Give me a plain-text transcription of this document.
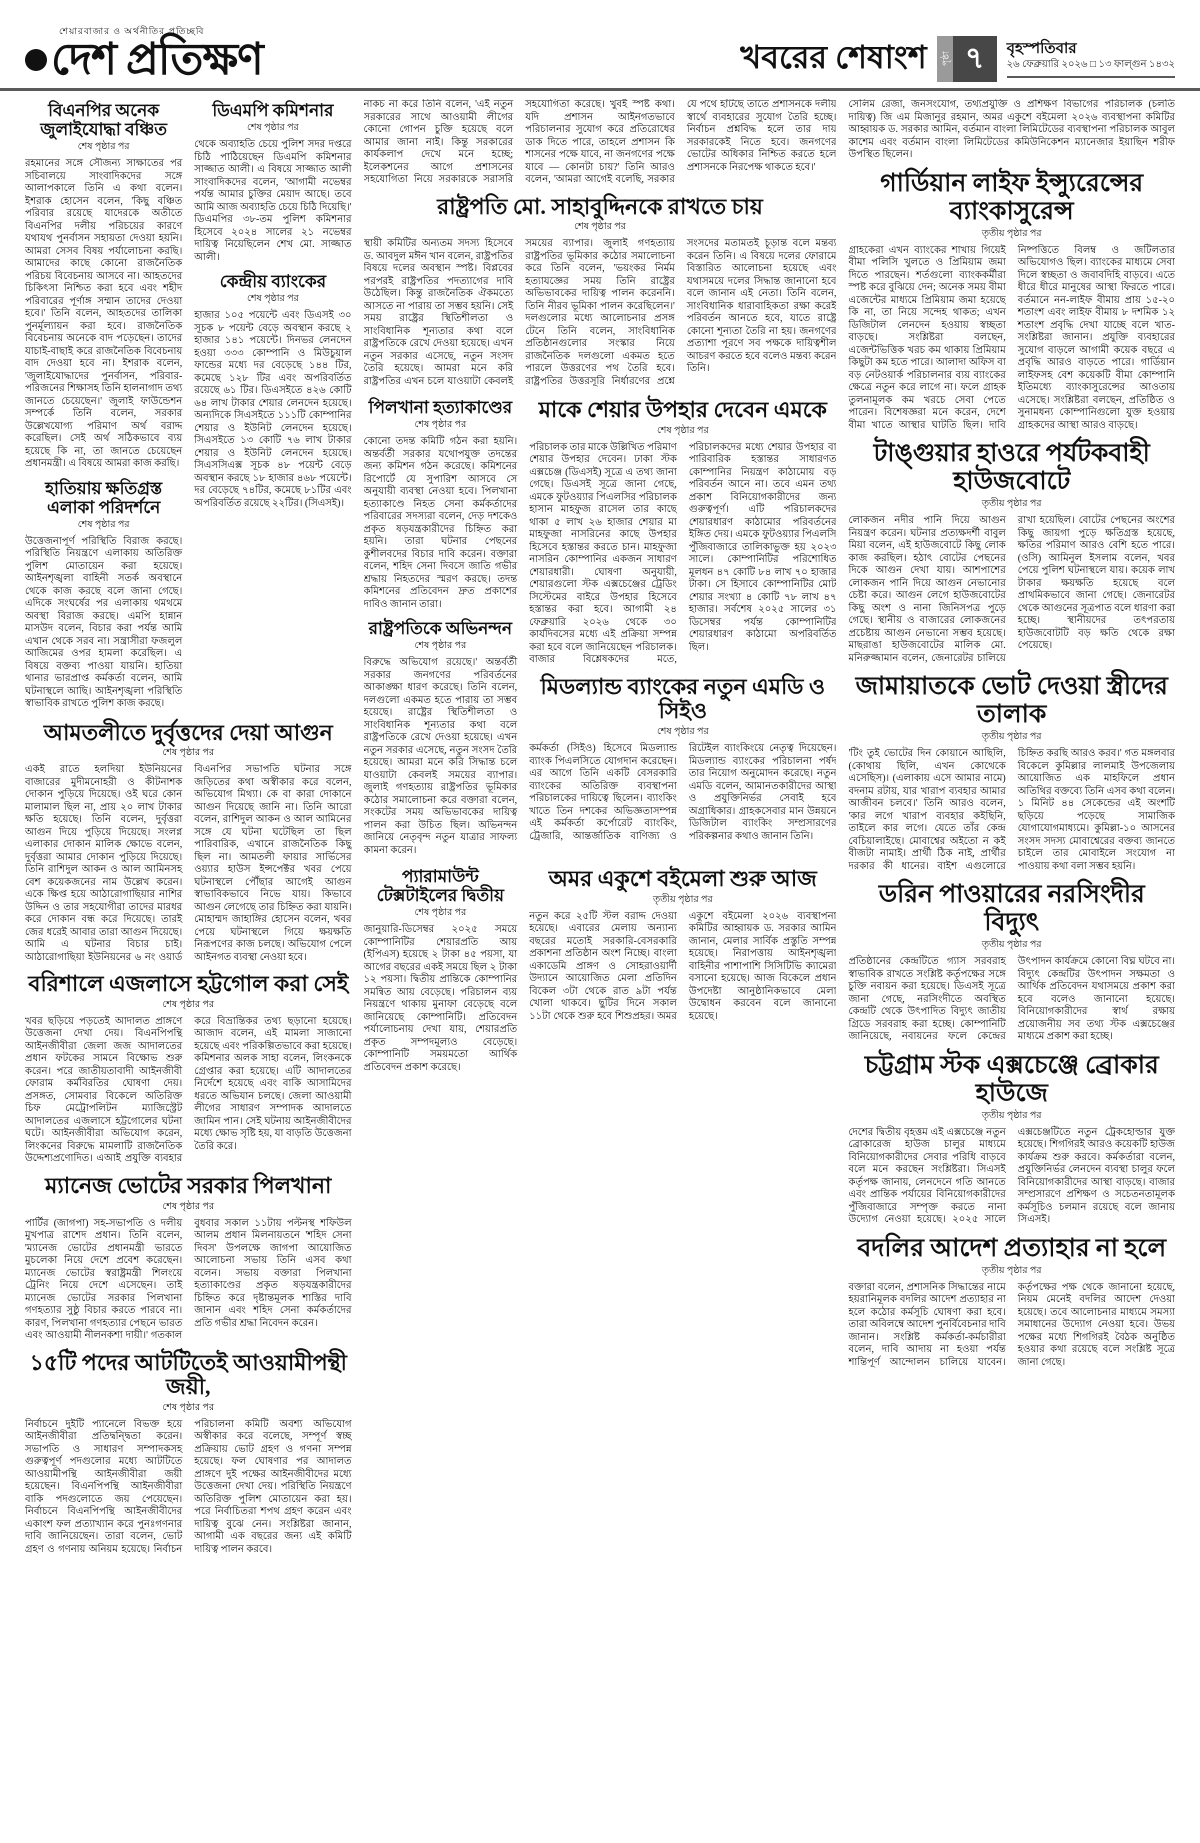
শেয়ারবাজার ও অর্থনীতির প্রতিচ্ছবি
দেশ প্রতিক্ষণ	খবরের শেষাংশ	পৃষ্ঠা ৭	বৃহস্পতিবার
২৬ ফেব্রুয়ারি ২০২৬ □ ১৩ ফাল্গুন ১৪৩২
বিএনপির অনেক জুলাইযোদ্ধা বঞ্চিত
শেষ পৃষ্ঠার পর

রহমানের সঙ্গে সৌজন্য সাক্ষাতের পর সচিবালয়ে সাংবাদিকদের সঙ্গে আলাপকালে তিনি এ কথা বলেন। ইশরাক হোসেন বলেন, 'কিছু বঞ্চিত পরিবার রয়েছে যাদেরকে অতীতে বিএনপির দলীয় পরিচয়ের কারণে যথাযথ পুনর্বাসন সহায়তা দেওয়া হয়নি। আমরা সেসব বিষয় পর্যালোচনা করছি। আমাদের কাছে কোনো রাজনৈতিক পরিচয় বিবেচনায় আসবে না। আহতদের চিকিৎসা নিশ্চিত করা হবে এবং শহীদ পরিবারের পূর্ণাঙ্গ সম্মান তাদের দেওয়া হবে।' তিনি বলেন, আহতদের তালিকা পুনর্মূল্যায়ন করা হবে। রাজনৈতিক বিবেচনায় অনেকে বাদ পড়েছেন। তাদের যাচাই-বাছাই করে রাজনৈতিক বিবেচনায় বাদ দেওয়া হবে না। ইশরাক বলেন, 'জুলাইযোদ্ধাদের পুনর্বাসন, পরিবার-পরিজনের শিক্ষাসহ তিনি হালনাগাদ তথ্য জানতে চেয়েছেন।' জুলাই ফাউন্ডেশন সম্পর্কে তিনি বলেন, সরকার উল্লেখযোগ্য পরিমাণ অর্থ বরাদ্দ করেছিল। সেই অর্থ সঠিকভাবে ব্যয় হয়েছে কি না, তা জানতে চেয়েছেন প্রধানমন্ত্রী। এ বিষয়ে আমরা কাজ করছি।

হাতিয়ায় ক্ষতিগ্রস্ত এলাকা পরিদর্শনে
শেষ পৃষ্ঠার পর

উত্তেজনাপূর্ণ পরিস্থিতি বিরাজ করছে। পরিস্থিতি নিয়ন্ত্রণে এলাকায় অতিরিক্ত পুলিশ মোতায়েন করা হয়েছে। আইনশৃঙ্খলা বাহিনী সতর্ক অবস্থানে থেকে কাজ করছে বলে জানা গেছে। এদিকে সংঘর্ষের পর এলাকায় থমথমে অবস্থা বিরাজ করছে। এমপি হান্নান মাসউদ বলেন, বিচার করা পর্যন্ত আমি এখান থেকে সরব না। সন্ত্রাসীরা ফজলুল আজিমের ওপর হামলা করেছিল। এ বিষয়ে বক্তব্য পাওয়া যায়নি। হাতিয়া থানার ভারপ্রাপ্ত কর্মকর্তা বলেন, আমি ঘটনাস্থলে আছি। আইনশৃঙ্খলা পরিস্থিতি স্বাভাবিক রাখতে পুলিশ কাজ করছে।

ডিএমপি কমিশনার
শেষ পৃষ্ঠার পর

থেকে অব্যাহতি চেয়ে পুলিশ সদর দপ্তরে চিঠি পাঠিয়েছেন ডিএমপি কমিশনার সাজ্জাত আলী। এ বিষয়ে সাজ্জাত আলী সাংবাদিকদের বলেন, 'আগামী নভেম্বর পর্যন্ত আমার চুক্তির মেয়াদ আছে। তবে আমি আজ অব্যাহতি চেয়ে চিঠি দিয়েছি।' ডিএমপির ৩৮-তম পুলিশ কমিশনার হিসেবে ২০২৪ সালের ২১ নভেম্বর দায়িত্ব নিয়েছিলেন শেখ মো. সাজ্জাত আলী।

কেন্দ্রীয় ব্যাংকের
শেষ পৃষ্ঠার পর

হাজার ১০৫ পয়েন্টে এবং ডিএসই ৩০ সূচক ৮ পয়েন্ট বেড়ে অবস্থান করছে ২ হাজার ১৪১ পয়েন্টে। দিনভর লেনদেন হওয়া ৩৩৩ কোম্পানি ও মিউচুয়াল ফান্ডের মধ্যে দর বেড়েছে ১৪৪ টির, কমেছে ১২৮ টির এবং অপরিবর্তিত রয়েছে ৬১ টির। ডিএসইতে ৪২৬ কোটি ৬৪ লাখ টাকার শেয়ার লেনদেন হয়েছে। অন্যদিকে সিএসইতে ১১১টি কোম্পানির শেয়ার ও ইউনিট লেনদেন হয়েছে। সিএসইতে ১৩ কোটি ৭৬ লাখ টাকার শেয়ার ও ইউনিট লেনদেন হয়েছে। সিএসসিএক্স সূচক ৪৮ পয়েন্ট বেড়ে অবস্থান করছে ১৮ হাজার ৪৬৮ পয়েন্টে। দর বেড়েছে ৭৪টির, কমেছে ৮১টির এবং অপরিবর্তিত রয়েছে ২২টির। (সিএসই)।

আমতলীতে দুর্বৃত্তদের দেয়া আগুন
শেষ পৃষ্ঠার পর

একই রাতে হলদিয়া ইউনিয়নের বাজারের মুদীমনোহরী ও কীটনাশক দোকান পুড়িয়ে দিয়েছে। ওই ঘরে কোন মালামাল ছিল না, প্রায় ২০ লাখ টাকার ক্ষতি হয়েছে। তিনি বলেন, দুর্বৃত্তরা আগুন দিয়ে পুড়িয়ে দিয়েছে। সংলগ্ন এলাকার দোকান মালিক ক্ষোভে বলেন, দুর্বৃত্তরা আমার দোকান পুড়িয়ে দিয়েছে। তিনি রাশিদুল আকন ও আল আমিনসহ বেশ কয়েকজনের নাম উল্লেখ করেন। একে ক্ষিপ্ত হয়ে আঠারোগাছিয়ার নাশির উদ্দিন ও তার সহযোগীরা তাদের মারধর করে দোকান বন্ধ করে দিয়েছে। তারই জের ধরেই আবার তারা আগুন দিয়েছে। আমি এ ঘটনার বিচার চাই। আঠারোগাছিয়া ইউনিয়নের ৬ নং ওয়ার্ড বিএনপির সভাপতি ঘটনার সঙ্গে জড়িতের কথা অস্বীকার করে বলেন, অভিযোগ মিথ্যা। কে বা কারা দোকানে আগুন দিয়েছে জানি না। তিনি আরো বলেন, রাশিদুল আকন ও আল আমিনের সঙ্গে যে ঘটনা ঘটেছিল তা ছিল পারিবারিক, এখানে রাজনৈতিক কিছু ছিল না। আমতলী ফায়ার সার্ভিসের ওয়্যার হাউস ইন্সপেক্টর খবর পেয়ে ঘটনাস্থলে পৌঁছার আগেই আগুন স্বাভাবিকভাবে নিভে যায়। কিভাবে আগুন লেগেছে তার চিহ্নিত করা যায়নি। মোহাম্মদ জাহাঙ্গির হোসেন বলেন, খবর পেয়ে ঘটনাস্থলে গিয়ে ক্ষয়ক্ষতি নিরূপণের কাজ চলছে। অভিযোগ পেলে আইনগত ব্যবস্থা নেওয়া হবে।

বরিশালে এজলাসে হট্টগোল করা সেই
শেষ পৃষ্ঠার পর

খবর ছড়িয়ে পড়তেই আদালত প্রাঙ্গণে উত্তেজনা দেখা দেয়। বিএনপিপন্থি আইনজীবীরা জেলা জজ আদালতের প্রধান ফটকের সামনে বিক্ষোভ শুরু করেন। পরে জাতীয়তাবাদী আইনজীবী ফোরাম কর্মবিরতির ঘোষণা দেয়। প্রসঙ্গত, সোমবার বিকেলে অতিরিক্ত চিফ মেট্রোপলিটন ম্যাজিস্ট্রেট আদালতের এজলাসে হট্টগোলের ঘটনা ঘটে। আইনজীবীরা অভিযোগ করেন, লিংকনের বিরুদ্ধে মামলাটি রাজনৈতিক উদ্দেশ্যপ্রণোদিত। এআই প্রযুক্তি ব্যবহার করে বিভ্রান্তিকর তথ্য ছড়ানো হয়েছে। আজাদ বলেন, এই মামলা সাজানো হয়েছে এবং পরিকল্পিতভাবে করা হয়েছে। কমিশনার অলক সাহা বলেন, লিংকনকে গ্রেপ্তার করা হয়েছে। এটি আদালতের নির্দেশে হয়েছে এবং বাকি আসামিদের ধরতে অভিযান চলছে। জেলা আওয়ামী লীগের সাধারণ সম্পাদক আদালতে জামিন পান। সেই ঘটনায় আইনজীবীদের মধ্যে ক্ষোভ সৃষ্টি হয়, যা বাড়তি উত্তেজনা তৈরি করে।

ম্যানেজ ভোটের সরকার পিলখানা
শেষ পৃষ্ঠার পর

পার্টির (জাগপা) সহ-সভাপতি ও দলীয় মুখপাত্র রাশেদ প্রধান। তিনি বলেন, 'ম্যানেজ ভোটের প্রধানমন্ত্রী ভারতে মুচলেকা নিয়ে দেশে প্রবেশ করেছেন। ম্যানেজ ভোটের স্বরাষ্ট্রমন্ত্রী শিলংয়ে ট্রেনিং নিয়ে দেশে এসেছেন। তাই ম্যানেজ ভোটের সরকার পিলখানা গণহত্যার সুষ্ঠু বিচার করতে পারবে না। কারণ, পিলখানা গণহত্যার পেছনে ভারত এবং আওয়ামী নীলনকশা দায়ী।' গতকাল বুধবার সকাল ১১টায় পল্টনস্থ শফিউল আলম প্রধান মিলনায়তনে 'শহিদ সেনা দিবস' উপলক্ষে জাগপা আয়োজিত আলোচনা সভায় তিনি এসব কথা বলেন। সভায় বক্তারা পিলখানা হত্যাকাণ্ডের প্রকৃত ষড়যন্ত্রকারীদের চিহ্নিত করে দৃষ্টান্তমূলক শাস্তির দাবি জানান এবং শহিদ সেনা কর্মকর্তাদের প্রতি গভীর শ্রদ্ধা নিবেদন করেন।

১৫টি পদের আটটিতেই আওয়ামীপন্থী জয়ী,
শেষ পৃষ্ঠার পর

নির্বাচনে দুইটি প্যানেলে বিভক্ত হয়ে আইনজীবীরা প্রতিদ্বন্দ্বিতা করেন। সভাপতি ও সাধারণ সম্পাদকসহ গুরুত্বপূর্ণ পদগুলোর মধ্যে আটটিতে আওয়ামীপন্থি আইনজীবীরা জয়ী হয়েছেন। বিএনপিপন্থি আইনজীবীরা বাকি পদগুলোতে জয় পেয়েছেন। নির্বাচনে বিএনপিপন্থি আইনজীবীদের একাংশ ফল প্রত্যাখ্যান করে পুনঃগণনার দাবি জানিয়েছেন। তারা বলেন, ভোট গ্রহণ ও গণনায় অনিয়ম হয়েছে। নির্বাচন পরিচালনা কমিটি অবশ্য অভিযোগ অস্বীকার করে বলেছে, সম্পূর্ণ স্বচ্ছ প্রক্রিয়ায় ভোট গ্রহণ ও গণনা সম্পন্ন হয়েছে। ফল ঘোষণার পর আদালত প্রাঙ্গণে দুই পক্ষের আইনজীবীদের মধ্যে উত্তেজনা দেখা দেয়। পরিস্থিতি নিয়ন্ত্রণে অতিরিক্ত পুলিশ মোতায়েন করা হয়। পরে নির্বাচিতরা শপথ গ্রহণ করেন এবং দায়িত্ব বুঝে নেন। সংশ্লিষ্টরা জানান, আগামী এক বছরের জন্য এই কমিটি দায়িত্ব পালন করবে।

নাকচ না করে তিনি বলেন, 'এই নতুন সরকারের সাথে আওয়ামী লীগের কোনো গোপন চুক্তি হয়েছে বলে আমার জানা নাই। কিন্তু সরকারের কার্যকলাপ দেখে মনে হচ্ছে; ইলেকশনের আগে প্রশাসনের সহযোগিতা নিয়ে সরকারকে সরাসরি সহযোগিতা করেছে। খুবই স্পষ্ট কথা। যদি প্রশাসন আইনগতভাবে পরিচালনার সুযোগ করে প্রতিরোধের ডাক দিতে পারে, তাহলে প্রশাসন কি শাসনের পক্ষে যাবে, না জনগণের পক্ষে যাবে — কোনটা চায়?' তিনি আরও বলেন, 'আমরা আগেই বলেছি, সরকার যে পথে হাঁটছে তাতে প্রশাসনকে দলীয় স্বার্থে ব্যবহারের সুযোগ তৈরি হচ্ছে। নির্বাচন প্রশ্নবিদ্ধ হলে তার দায় সরকারকেই নিতে হবে। জনগণের ভোটের অধিকার নিশ্চিত করতে হলে প্রশাসনকে নিরপেক্ষ থাকতে হবে।'

রাষ্ট্রপতি মো. সাহাবুদ্দিনকে রাখতে চায়
শেষ পৃষ্ঠার পর

স্থায়ী কমিটির অন্যতম সদস্য হিসেবে ড. আবদুল মঈন খান বলেন, রাষ্ট্রপতির বিষয়ে দলের অবস্থান স্পষ্ট। বিপ্লবের পরপরই রাষ্ট্রপতির পদত্যাগের দাবি উঠেছিল। কিন্তু রাজনৈতিক ঐকমত্যে আসতে না পারায় তা সম্ভব হয়নি। সেই সময় রাষ্ট্রের স্থিতিশীলতা ও সাংবিধানিক শূন্যতার কথা বলে রাষ্ট্রপতিকে রেখে দেওয়া হয়েছে। এখন নতুন সরকার এসেছে, নতুন সংসদ তৈরি হয়েছে। আমরা মনে করি রাষ্ট্রপতির এখন চলে যাওয়াটা কেবলই সময়ের ব্যাপার। জুলাই গণহত্যায় রাষ্ট্রপতির ভূমিকার কঠোর সমালোচনা করে তিনি বলেন, 'ভয়ংকর নির্মম হত্যাযজ্ঞের সময় তিনি রাষ্ট্রের অভিভাবকের দায়িত্ব পালন করেননি। তিনি নীরব ভূমিকা পালন করেছিলেন।' দলগুলোর মধ্যে আলোচনার প্রসঙ্গ টেনে তিনি বলেন, সাংবিধানিক প্রতিষ্ঠানগুলোর সংস্কার নিয়ে রাজনৈতিক দলগুলো একমত হতে পারলে উত্তরণের পথ তৈরি হবে। রাষ্ট্রপতির উত্তরসূরি নির্ধারণের প্রশ্নে সংসদের মতামতই চূড়ান্ত বলে মন্তব্য করেন তিনি। এ বিষয়ে দলের ফোরামে বিস্তারিত আলোচনা হয়েছে এবং যথাসময়ে দলের সিদ্ধান্ত জানানো হবে বলে জানান এই নেতা। তিনি বলেন, সাংবিধানিক ধারাবাহিকতা রক্ষা করেই পরিবর্তন আনতে হবে, যাতে রাষ্ট্রে কোনো শূন্যতা তৈরি না হয়। জনগণের প্রত্যাশা পূরণে সব পক্ষকে দায়িত্বশীল আচরণ করতে হবে বলেও মন্তব্য করেন তিনি।

পিলখানা হত্যাকাণ্ডের
শেষ পৃষ্ঠার পর

কোনো তদন্ত কমিটি গঠন করা হয়নি। অন্তর্বর্তী সরকার যথোপযুক্ত তদন্তের জন্য কমিশন গঠন করেছে। কমিশনের রিপোর্টে যে সুপারিশ আসবে সে অনুযায়ী ব্যবস্থা নেওয়া হবে। পিলখানা হত্যাকাণ্ডে নিহত সেনা কর্মকর্তাদের পরিবারের সদস্যরা বলেন, দেড় দশকেও প্রকৃত ষড়যন্ত্রকারীদের চিহ্নিত করা হয়নি। তারা ঘটনার পেছনের কুশীলবদের বিচার দাবি করেন। বক্তারা বলেন, শহিদ সেনা দিবসে জাতি গভীর শ্রদ্ধায় নিহতদের স্মরণ করছে। তদন্ত কমিশনের প্রতিবেদন দ্রুত প্রকাশের দাবিও জানান তারা।

রাষ্ট্রপতিকে অভিনন্দন
শেষ পৃষ্ঠার পর

বিরুদ্ধে অভিযোগ রয়েছে।' অন্তর্বর্তী সরকার জনগণের পরিবর্তনের আকাঙ্ক্ষা ধারণ করেছে। তিনি বলেন, দলগুলো একমত হতে পারায় তা সম্ভব হয়েছে। রাষ্ট্রের স্থিতিশীলতা ও সাংবিধানিক শূন্যতার কথা বলে রাষ্ট্রপতিকে রেখে দেওয়া হয়েছে। এখন নতুন সরকার এসেছে, নতুন সংসদ তৈরি হয়েছে। আমরা মনে করি সিদ্ধান্ত চলে যাওয়াটা কেবলই সময়ের ব্যাপার। জুলাই গণহত্যায় রাষ্ট্রপতির ভূমিকার কঠোর সমালোচনা করে বক্তারা বলেন, সংকটের সময় অভিভাবকের দায়িত্ব পালন করা উচিত ছিল। অভিনন্দন জানিয়ে নেতৃবৃন্দ নতুন যাত্রার সাফল্য কামনা করেন।

মাকে শেয়ার উপহার দেবেন এমকে
শেষ পৃষ্ঠার পর

পরিচালক তার মাকে উল্লিখিত পরিমাণ শেয়ার উপহার দেবেন। ঢাকা স্টক এক্সচেঞ্জ (ডিএসই) সূত্রে এ তথ্য জানা গেছে। ডিএসই সূত্রে জানা গেছে, এমকে ফুটওয়্যার পিএলসির পরিচালক হাসান মাহফুজ রাসেল তার কাছে থাকা ৫ লাখ ২৬ হাজার শেয়ার মা মাহফুজা নাসরিনের কাছে উপহার হিসেবে হস্তান্তর করতে চান। মাহফুজা নাসরিন কোম্পানির একজন সাধারণ শেয়ারধারী। ঘোষণা অনুযায়ী, শেয়ারগুলো স্টক এক্সচেঞ্জের ট্রেডিং সিস্টেমের বাইরে উপহার হিসেবে হস্তান্তর করা হবে। আগামী ২৪ ফেব্রুয়ারি ২০২৬ থেকে ৩০ কার্যদিবসের মধ্যে এই প্রক্রিয়া সম্পন্ন করা হবে বলে জানিয়েছেন পরিচালক। বাজার বিশ্লেষকদের মতে, পরিচালকদের মধ্যে শেয়ার উপহার বা পারিবারিক হস্তান্তর সাধারণত কোম্পানির নিয়ন্ত্রণ কাঠামোয় বড় পরিবর্তন আনে না। তবে এমন তথ্য প্রকাশ বিনিয়োগকারীদের জন্য গুরুত্বপূর্ণ। এটি পরিচালকদের শেয়ারধারণ কাঠামোর পরিবর্তনের ইঙ্গিত দেয়। এমকে ফুটওয়্যার পিএলসি পুঁজিবাজারে তালিকাভুক্ত হয় ২০২৩ সালে। কোম্পানিটির পরিশোধিত মূলধন ৪৭ কোটি ৮৪ লাখ ৭০ হাজার টাকা। সে হিসাবে কোম্পানিটির মোট শেয়ার সংখ্যা ৪ কোটি ৭৮ লাখ ৪৭ হাজার। সর্বশেষ ২০২৫ সালের ৩১ ডিসেম্বর পর্যন্ত কোম্পানিটির শেয়ারধারণ কাঠামো অপরিবর্তিত ছিল।

মিডল্যান্ড ব্যাংকের নতুন এমডি ও সিইও
শেষ পৃষ্ঠার পর

কর্মকর্তা (সিইও) হিসেবে মিডল্যান্ড ব্যাংক পিএলসিতে যোগদান করেছেন। এর আগে তিনি একটি বেসরকারি ব্যাংকের অতিরিক্ত ব্যবস্থাপনা পরিচালকের দায়িত্বে ছিলেন। ব্যাংকিং খাতে তিন দশকের অভিজ্ঞতাসম্পন্ন এই কর্মকর্তা কর্পোরেট ব্যাংকিং, ট্রেজারি, আন্তর্জাতিক বাণিজ্য ও রিটেইল ব্যাংকিংয়ে নেতৃত্ব দিয়েছেন। মিডল্যান্ড ব্যাংকের পরিচালনা পর্ষদ তার নিয়োগ অনুমোদন করেছে। নতুন এমডি বলেন, আমানতকারীদের আস্থা ও প্রযুক্তিনির্ভর সেবাই হবে অগ্রাধিকার। গ্রাহকসেবার মান উন্নয়নে ডিজিটাল ব্যাংকিং সম্প্রসারণের পরিকল্পনার কথাও জানান তিনি।

প্যারামাউন্ট টেক্সটাইলের দ্বিতীয়
শেষ পৃষ্ঠার পর

জানুয়ারি-ডিসেম্বর ২০২৫ সময়ে কোম্পানিটির শেয়ারপ্রতি আয় (ইপিএস) হয়েছে ২ টাকা ৪৫ পয়সা, যা আগের বছরের একই সময়ে ছিল ২ টাকা ১২ পয়সা। দ্বিতীয় প্রান্তিকে কোম্পানির সমন্বিত আয় বেড়েছে। পরিচালন ব্যয় নিয়ন্ত্রণে থাকায় মুনাফা বেড়েছে বলে জানিয়েছে কোম্পানিটি। প্রতিবেদন পর্যালোচনায় দেখা যায়, শেয়ারপ্রতি প্রকৃত সম্পদমূল্যও বেড়েছে। কোম্পানিটি সময়মতো আর্থিক প্রতিবেদন প্রকাশ করেছে।

অমর একুশে বইমেলা শুরু আজ
তৃতীয় পৃষ্ঠার পর

নতুন করে ২৫টি স্টল বরাদ্দ দেওয়া হয়েছে। এবারের মেলায় অন্যান্য বছরের মতোই সরকারি-বেসরকারি প্রকাশনা প্রতিষ্ঠান অংশ নিচ্ছে। বাংলা একাডেমি প্রাঙ্গণ ও সোহরাওয়ার্দী উদ্যানে আয়োজিত মেলা প্রতিদিন বিকেল ৩টা থেকে রাত ৯টা পর্যন্ত খোলা থাকবে। ছুটির দিনে সকাল ১১টা থেকে শুরু হবে শিশুপ্রহর। অমর একুশে বইমেলা ২০২৬ ব্যবস্থাপনা কমিটির আহ্বায়ক ড. সরকার আমিন জানান, মেলার সার্বিক প্রস্তুতি সম্পন্ন হয়েছে। নিরাপত্তায় আইনশৃঙ্খলা বাহিনীর পাশাপাশি সিসিটিভি ক্যামেরা বসানো হয়েছে। আজ বিকেলে প্রধান উপদেষ্টা আনুষ্ঠানিকভাবে মেলা উদ্বোধন করবেন বলে জানানো হয়েছে।

সেলিম রেজা, জনসংযোগ, তথ্যপ্রযুক্তি ও প্রশিক্ষণ বিভাগের পরিচালক (চলতি দায়িত্ব) জি এম মিজানুর রহমান, অমর একুশে বইমেলা ২০২৬ ব্যবস্থাপনা কমিটির আহ্বায়ক ড. সরকার আমিন, বর্তমান বাংলা লিমিটেডের ব্যবস্থাপনা পরিচালক আবুল কাশেম এবং বর্তমান বাংলা লিমিটেডের কমিউনিকেশন ম্যানেজার ইয়াছিন শরীফ উপস্থিত ছিলেন।

গার্ডিয়ান লাইফ ইন্স্যুরেন্সের ব্যাংকাসুরেন্স
তৃতীয় পৃষ্ঠার পর

গ্রাহকেরা এখন ব্যাংকের শাখায় গিয়েই বীমা পলিসি খুলতে ও প্রিমিয়াম জমা দিতে পারছেন। শর্তগুলো ব্যাংককর্মীরা স্পষ্ট করে বুঝিয়ে দেন; অনেক সময় বীমা এজেন্টের মাধ্যমে প্রিমিয়াম জমা হয়েছে কি না, তা নিয়ে সন্দেহ থাকত; এখন ডিজিটাল লেনদেন হওয়ায় স্বচ্ছতা বাড়ছে। সংশ্লিষ্টরা বলছেন, এজেন্টভিত্তিক খরচ কম থাকায় প্রিমিয়াম কিছুটা কম হতে পারে। আলাদা অফিস বা বড় নেটওয়ার্ক পরিচালনার ব্যয় ব্যাংকের ক্ষেত্রে নতুন করে লাগে না। ফলে গ্রাহক তুলনামূলক কম খরচে সেবা পেতে পারেন। বিশেষজ্ঞরা মনে করেন, দেশে বীমা খাতে আস্থার ঘাটতি ছিল। দাবি নিষ্পত্তিতে বিলম্ব ও জটিলতার অভিযোগও ছিল। ব্যাংকের মাধ্যমে সেবা দিলে স্বচ্ছতা ও জবাবদিহি বাড়বে। এতে ধীরে ধীরে মানুষের আস্থা ফিরতে পারে। বর্তমানে নন-লাইফ বীমায় প্রায় ১৫-২০ শতাংশ এবং লাইফ বীমায় ৮ দশমিক ১২ শতাংশ প্রবৃদ্ধি দেখা যাচ্ছে বলে খাত-সংশ্লিষ্টরা জানান। প্রযুক্তি ব্যবহারের সুযোগ বাড়লে আগামী কয়েক বছরে এ প্রবৃদ্ধি আরও বাড়তে পারে। গার্ডিয়ান লাইফসহ বেশ কয়েকটি বীমা কোম্পানি ইতিমধ্যে ব্যাংকাসুরেন্সের আওতায় এসেছে। সংশ্লিষ্টরা বলছেন, প্রতিষ্ঠিত ও সুনামধন্য কোম্পানিগুলো যুক্ত হওয়ায় গ্রাহকদের আস্থা আরও বাড়ছে।

টাঙ্গুয়ার হাওরে পর্যটকবাহী হাউজবোটে
তৃতীয় পৃষ্ঠার পর

লোকজন নদীর পানি দিয়ে আগুন নিয়ন্ত্রণ করেন। ঘটনার প্রত্যক্ষদর্শী বাবুল মিয়া বলেন, এই হাউজবোটে কিছু লোক কাজ করছিল। হঠাৎ বোটের পেছনের দিকে আগুন দেখা যায়। আশপাশের লোকজন পানি দিয়ে আগুন নেভানোর চেষ্টা করে। আগুন লেগে হাউজবোটের কিছু অংশ ও নানা জিনিসপত্র পুড়ে গেছে। স্থানীয় ও বাজারের লোকজনের প্রচেষ্টায় আগুন নেভানো সম্ভব হয়েছে। মাছরাঙা হাউজবোটের মালিক মো. মনিরুজ্জামান বলেন, জেনারেটর চালিয়ে রাখা হয়েছিল। বোটের পেছনের অংশের কিছু জায়গা পুড়ে ক্ষতিগ্রস্ত হয়েছে, ক্ষতির পরিমাণ আরও বেশি হতে পারে। (ওসি) আমিনুল ইসলাম বলেন, খবর পেয়ে পুলিশ ঘটনাস্থলে যায়। কয়েক লাখ টাকার ক্ষয়ক্ষতি হয়েছে বলে প্রাথমিকভাবে জানা গেছে। জেনারেটর থেকে আগুনের সূত্রপাত বলে ধারণা করা হচ্ছে। স্থানীয়দের তৎপরতায় হাউজবোটটি বড় ক্ষতি থেকে রক্ষা পেয়েছে।

জামায়াতকে ভোট দেওয়া স্ত্রীদের তালাক
তৃতীয় পৃষ্ঠার পর

'টিং তুই ভোটের দিন কোয়ানে আছিলি, (কোথায় ছিলি, এখন কোথেকে এসেছিস)। (এলাকায় এসে আমার নামে) বদনাম রটায়, যার খারাপ ব্যবহার আমার আজীবন চলবে।' তিনি আরও বলেন, 'কার লগে খারাপ ব্যবহার কইছিনি, তাইলে কার লগে। যেতে তাঁর কেন্দ্র বেচিয়ালাইছে। মোবাশ্বের অইতো ন কই বীজটা নামাই। প্রার্থী ঠিক নাই, প্রার্থীর দরকার কী ধানের। বাইশ এগুলোরে চিহ্নিত করছি আরও করব।' গত মঙ্গলবার বিকেলে কুমিল্লার লালমাই উপজেলায় আয়োজিত এক মাহফিলে প্রধান অতিথির বক্তব্যে তিনি এসব কথা বলেন। ১ মিনিট ৪৪ সেকেন্ডের এই অংশটি ছড়িয়ে পড়েছে সামাজিক যোগাযোগমাধ্যমে। কুমিল্লা-১০ আসনের সংসদ সদস্য মোবাশ্বেরের বক্তব্য জানতে চাইলে তার মোবাইলে সংযোগ না পাওয়ায় কথা বলা সম্ভব হয়নি।

ডরিন পাওয়ারের নরসিংদীর বিদ্যুৎ
তৃতীয় পৃষ্ঠার পর

প্রতিষ্ঠানের কেন্দ্রটিতে গ্যাস সরবরাহ স্বাভাবিক রাখতে সংশ্লিষ্ট কর্তৃপক্ষের সঙ্গে চুক্তি নবায়ন করা হয়েছে। ডিএসই সূত্রে জানা গেছে, নরসিংদীতে অবস্থিত কেন্দ্রটি থেকে উৎপাদিত বিদ্যুৎ জাতীয় গ্রিডে সরবরাহ করা হচ্ছে। কোম্পানিটি জানিয়েছে, নবায়নের ফলে কেন্দ্রের উৎপাদন কার্যক্রমে কোনো বিঘ্ন ঘটবে না। বিদ্যুৎ কেন্দ্রটির উৎপাদন সক্ষমতা ও আর্থিক প্রতিবেদন যথাসময়ে প্রকাশ করা হবে বলেও জানানো হয়েছে। বিনিয়োগকারীদের স্বার্থ রক্ষায় প্রয়োজনীয় সব তথ্য স্টক এক্সচেঞ্জের মাধ্যমে প্রকাশ করা হচ্ছে।

চট্টগ্রাম স্টক এক্সচেঞ্জে ব্রোকার হাউজে
তৃতীয় পৃষ্ঠার পর

দেশের দ্বিতীয় বৃহত্তম এই এক্সচেঞ্জে নতুন ব্রোকারেজ হাউজ চালুর মাধ্যমে বিনিয়োগকারীদের সেবার পরিধি বাড়বে বলে মনে করছেন সংশ্লিষ্টরা। সিএসই কর্তৃপক্ষ জানায়, লেনদেনে গতি আনতে এবং প্রান্তিক পর্যায়ের বিনিয়োগকারীদের পুঁজিবাজারে সম্পৃক্ত করতে নানা উদ্যোগ নেওয়া হয়েছে। ২০২৫ সালে এক্সচেঞ্জটিতে নতুন ট্রেকহোল্ডার যুক্ত হয়েছে। শিগগিরই আরও কয়েকটি হাউজ কার্যক্রম শুরু করবে। কর্মকর্তারা বলেন, প্রযুক্তিনির্ভর লেনদেন ব্যবস্থা চালুর ফলে বিনিয়োগকারীদের আস্থা বাড়ছে। বাজার সম্প্রসারণে প্রশিক্ষণ ও সচেতনতামূলক কর্মসূচিও চলমান রয়েছে বলে জানায় সিএসই।

বদলির আদেশ প্রত্যাহার না হলে
তৃতীয় পৃষ্ঠার পর

বক্তারা বলেন, প্রশাসনিক সিদ্ধান্তের নামে হয়রানিমূলক বদলির আদেশ প্রত্যাহার না হলে কঠোর কর্মসূচি ঘোষণা করা হবে। তারা অবিলম্বে আদেশ পুনর্বিবেচনার দাবি জানান। সংশ্লিষ্ট কর্মকর্তা-কর্মচারীরা বলেন, দাবি আদায় না হওয়া পর্যন্ত শান্তিপূর্ণ আন্দোলন চালিয়ে যাবেন। কর্তৃপক্ষের পক্ষ থেকে জানানো হয়েছে, নিয়ম মেনেই বদলির আদেশ দেওয়া হয়েছে। তবে আলোচনার মাধ্যমে সমস্যা সমাধানের উদ্যোগ নেওয়া হবে। উভয় পক্ষের মধ্যে শিগগিরই বৈঠক অনুষ্ঠিত হওয়ার কথা রয়েছে বলে সংশ্লিষ্ট সূত্রে জানা গেছে।
